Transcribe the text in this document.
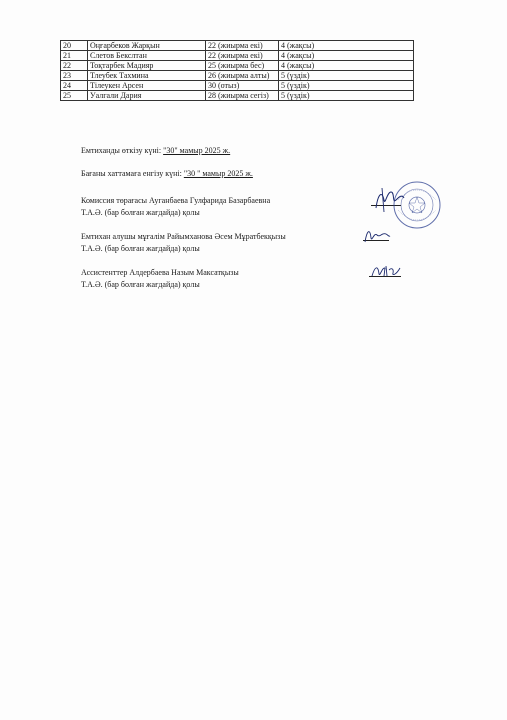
20	Оңғарбеков Жарқын	22 (жиырма екі)	4 (жақсы)
21	Слетов Бекслтан	22 (жиырма екі)	4 (жақсы)
22	Тоқтарбек Мадияр	25 (жиырма бес)	4 (жақсы)
23	Тлеубек Тахмина	26 (жиырма алты)	5 (үздік)
24	Тілеукен Арсен	30 (отыз)	5 (үздік)
25	Уалгали Дария	28 (жиырма сегіз)	5 (үздік)
Емтиханды өткізу күні: "30" мамыр 2025 ж.
Бағаны хаттамаға енгізу күні: "30 " мамыр 2025 ж.
Комиссия төрағасы Ауганбаева Гулфарида Базарбаевна
Т.А.Ә. (бар болған жағдайда) қолы
Емтихан алушы мұғалім Райымханова Әсем Мұратбекқызы
Т.А.Ә. (бар болған жағдайда) қолы
Ассистенттер Алдербаева Назым Максатқызы
Т.А.Ә. (бар болған жағдайда) қолы
